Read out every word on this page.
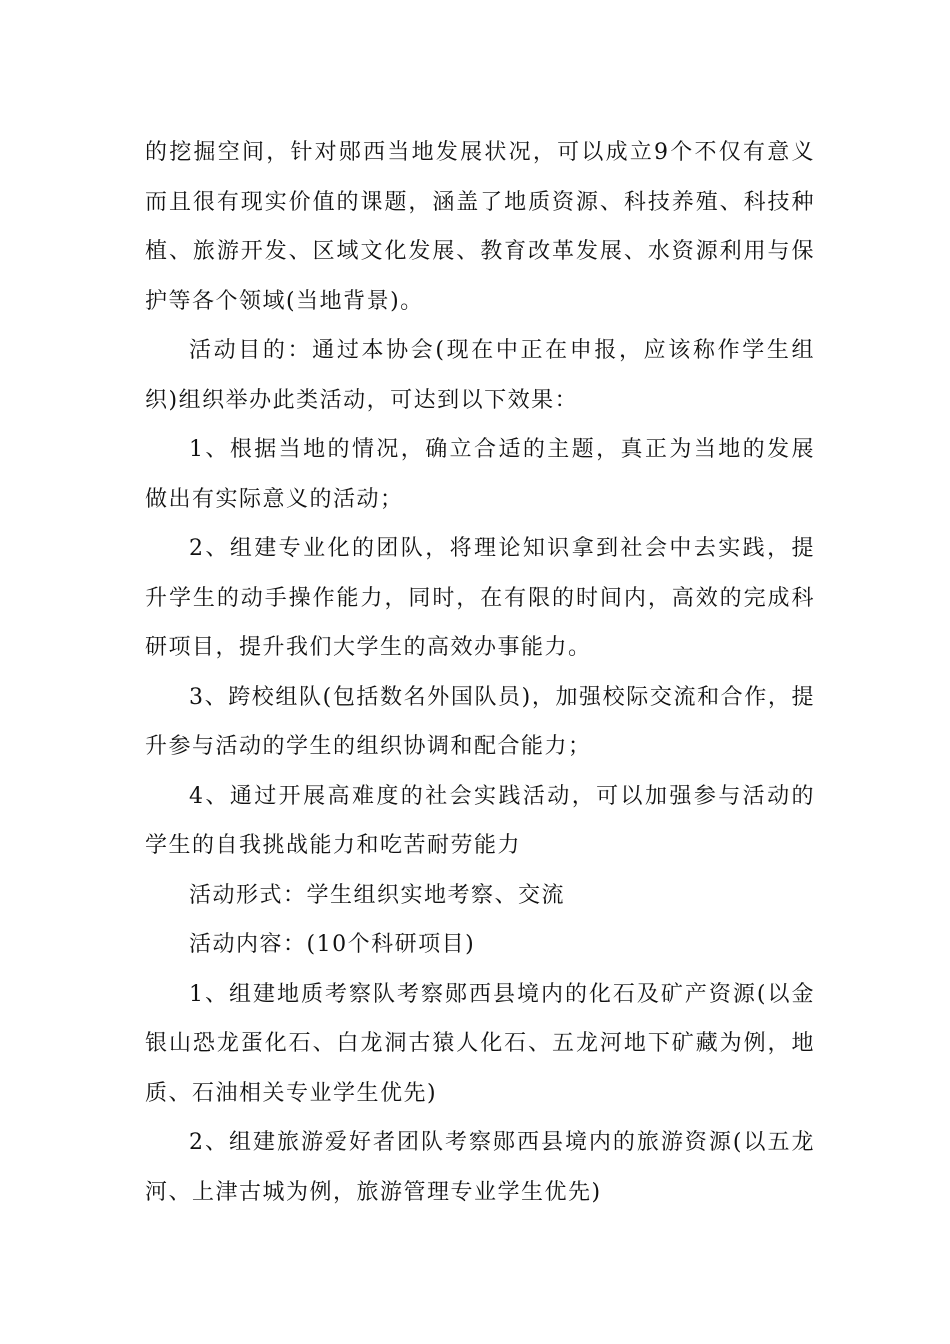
的挖掘空间，针对郧西当地发展状况，可以成立9个不仅有意义而且很有现实价值的课题，涵盖了地质资源、科技养殖、科技种植、旅游开发、区域文化发展、教育改革发展、水资源利用与保护等各个领域(当地背景)。

活动目的：通过本协会(现在中正在申报，应该称作学生组织)组织举办此类活动，可达到以下效果：

1、根据当地的情况，确立合适的主题，真正为当地的发展做出有实际意义的活动；

2、组建专业化的团队，将理论知识拿到社会中去实践，提升学生的动手操作能力，同时，在有限的时间内，高效的完成科研项目，提升我们大学生的高效办事能力。

3、跨校组队(包括数名外国队员)，加强校际交流和合作，提升参与活动的学生的组织协调和配合能力；

4、通过开展高难度的社会实践活动，可以加强参与活动的学生的自我挑战能力和吃苦耐劳能力

活动形式：学生组织实地考察、交流

活动内容：(10个科研项目)

1、组建地质考察队考察郧西县境内的化石及矿产资源(以金银山恐龙蛋化石、白龙洞古猿人化石、五龙河地下矿藏为例，地质、石油相关专业学生优先)

2、组建旅游爱好者团队考察郧西县境内的旅游资源(以五龙河、上津古城为例，旅游管理专业学生优先)
